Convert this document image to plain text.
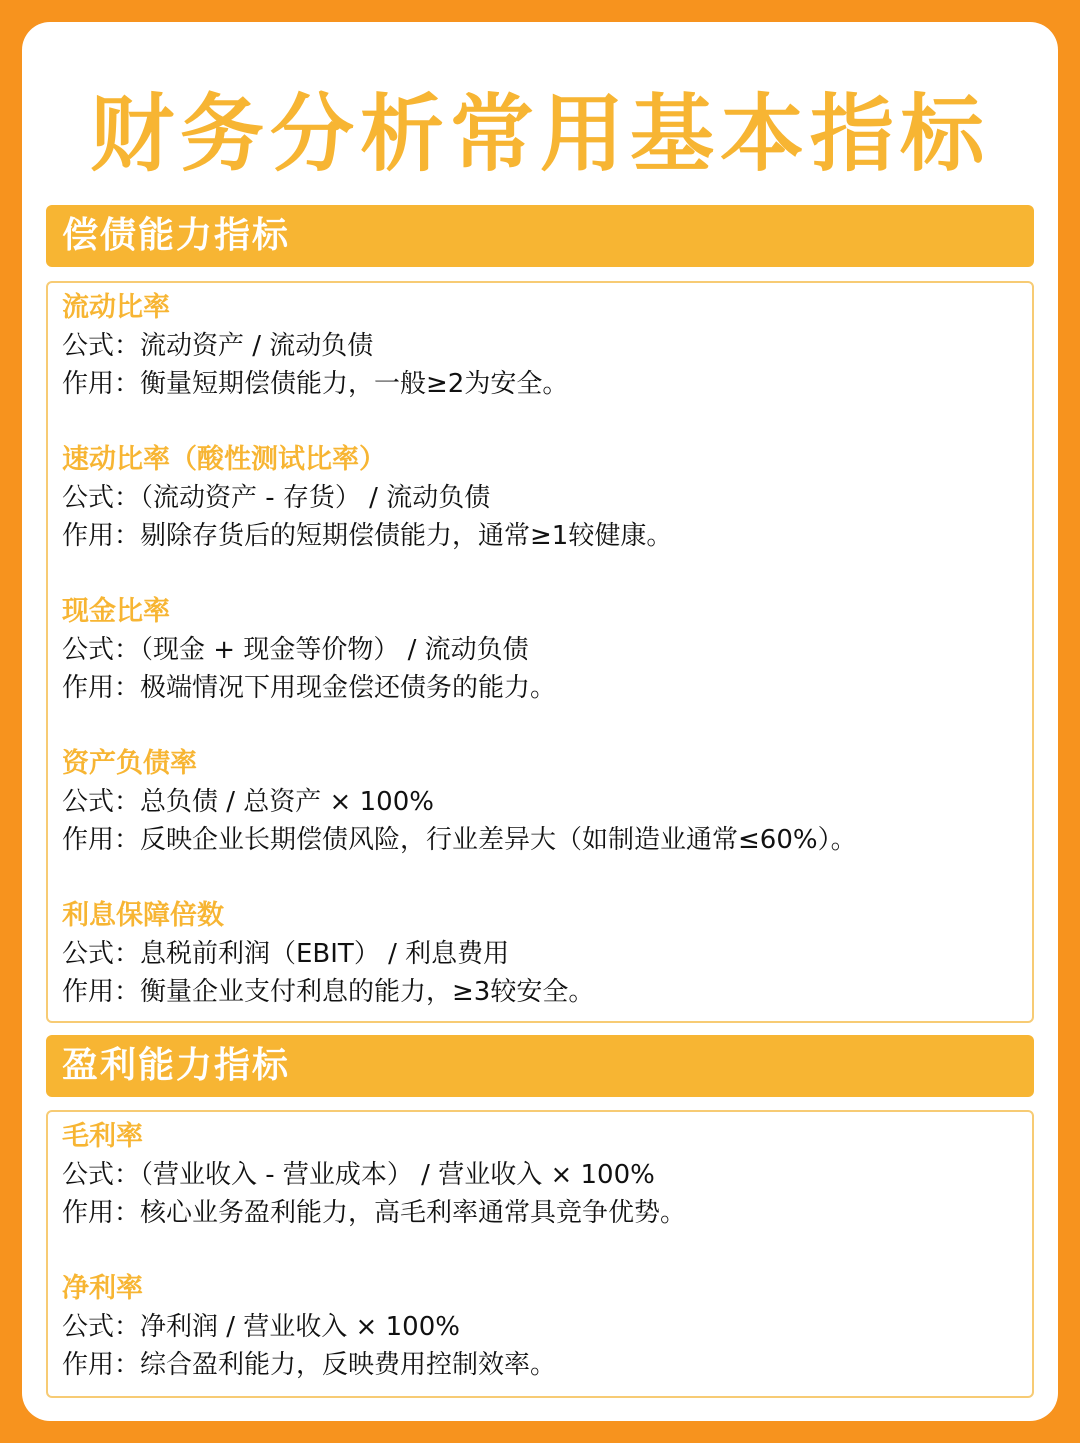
财务分析常用基本指标
偿债能力指标
流动比率
公式：流动资产 / 流动负债
作用：衡量短期偿债能力，一般≥2为安全。
速动比率（酸性测试比率）
公式：（流动资产 - 存货） / 流动负债
作用：剔除存货后的短期偿债能力，通常≥1较健康。
现金比率
公式：（现金 + 现金等价物） / 流动负债
作用：极端情况下用现金偿还债务的能力。
资产负债率
公式：总负债 / 总资产 × 100%
作用：反映企业长期偿债风险，行业差异大（如制造业通常≤60%）。
利息保障倍数
公式：息税前利润（EBIT） / 利息费用
作用：衡量企业支付利息的能力，≥3较安全。
盈利能力指标
毛利率
公式：（营业收入 - 营业成本） / 营业收入 × 100%
作用：核心业务盈利能力，高毛利率通常具竞争优势。
净利率
公式：净利润 / 营业收入 × 100%
作用：综合盈利能力，反映费用控制效率。
